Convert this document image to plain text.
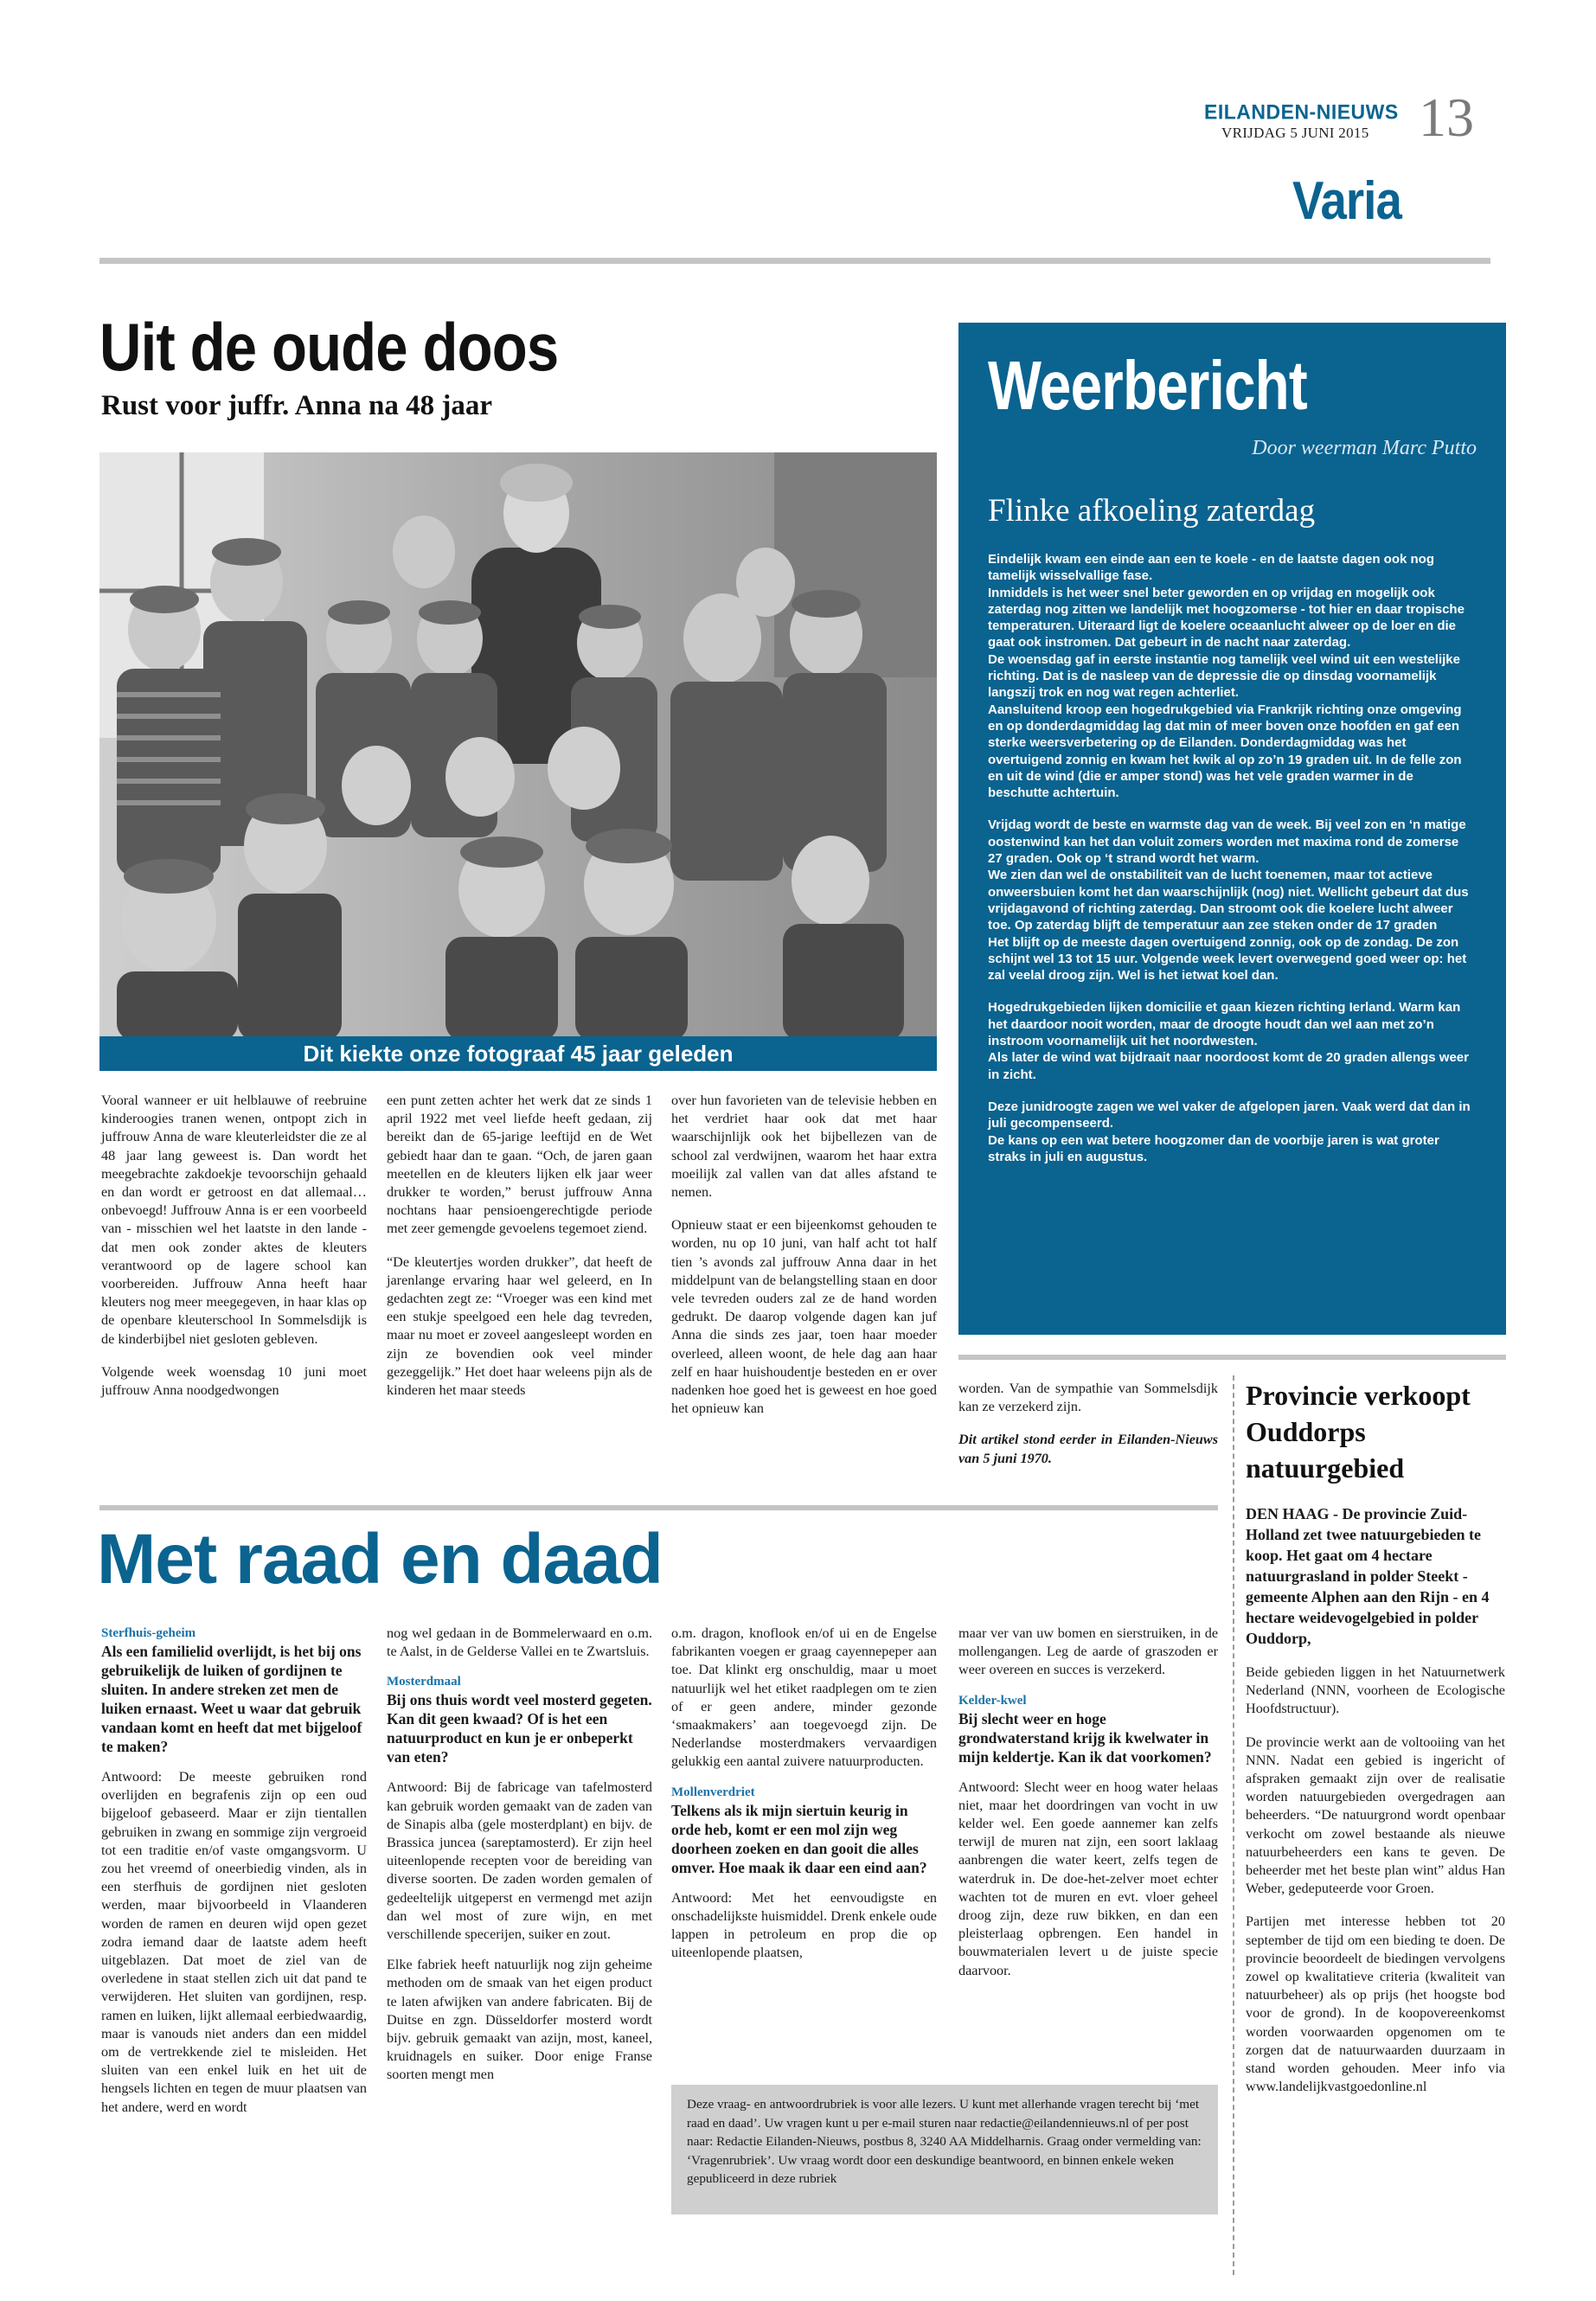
EILANDEN-NIEUWS
VRIJDAG 5 JUNI 2015 13
Varia
Uit de oude doos
Rust voor juffr. Anna na 48 jaar
Dit kiekte onze fotograaf 45 jaar geleden

Vooral wanneer er uit helblauwe of reebruine kinderoogies tranen wenen, ontpopt zich in juffrouw Anna de ware kleuterleidster die ze al 48 jaar lang geweest is. Dan wordt het meegebrachte zakdoekje tevoorschijn gehaald en dan wordt er getroost en dat allemaal… onbevoegd! Juffrouw Anna is er een voorbeeld van - misschien wel het laatste in den lande - dat men ook zonder aktes de kleuters verantwoord op de lagere school kan voorbereiden. Juffrouw Anna heeft haar kleuters nog meer meegegeven, in haar klas op de openbare kleuterschool In Sommelsdijk is de kinderbijbel niet gesloten gebleven.

Volgende week woensdag 10 juni moet juffrouw Anna noodgedwongen

een punt zetten achter het werk dat ze sinds 1 april 1922 met veel liefde heeft gedaan, zij bereikt dan de 65-jarige leeftijd en de Wet gebiedt haar dan te gaan. “Och, de jaren gaan meetellen en de kleuters lijken elk jaar weer drukker te worden,” berust juffrouw Anna nochtans haar pensioengerechtigde periode met zeer gemengde gevoelens tegemoet ziend.

“De kleutertjes worden drukker”, dat heeft de jarenlange ervaring haar wel geleerd, en In gedachten zegt ze: “Vroeger was een kind met een stukje speelgoed een hele dag tevreden, maar nu moet er zoveel aangesleept worden en zijn ze bovendien ook veel minder gezeggelijk.” Het doet haar weleens pijn als de kinderen het maar steeds

over hun favorieten van de televisie hebben en het verdriet haar ook dat met haar waarschijnlijk ook het bijbellezen van de school zal verdwijnen, waarom het haar extra moeilijk zal vallen van dat alles afstand te nemen.

Opnieuw staat er een bijeenkomst gehouden te worden, nu op 10 juni, van half acht tot half tien ’s avonds zal juffrouw Anna daar in het middelpunt van de belangstelling staan en door vele tevreden ouders zal ze de hand worden gedrukt. De daarop volgende dagen kan juf Anna die sinds zes jaar, toen haar moeder overleed, alleen woont, de hele dag aan haar zelf en haar huishoudentje besteden en er over nadenken hoe goed het is geweest en hoe goed het opnieuw kan

Weerbericht
Door weerman Marc Putto
Flinke afkoeling zaterdag

Eindelijk kwam een einde aan een te koele - en de laatste dagen ook nog tamelijk wisselvallige fase.
Inmiddels is het weer snel beter geworden en op vrijdag en mogelijk ook zaterdag nog zitten we landelijk met hoogzomerse - tot hier en daar tropische temperaturen. Uiteraard ligt de koelere oceaanlucht alweer op de loer en die gaat ook instromen. Dat gebeurt in de nacht naar zaterdag.
De woensdag gaf in eerste instantie nog tamelijk veel wind uit een westelijke richting. Dat is de nasleep van de depressie die op dinsdag voornamelijk langszij trok en nog wat regen achterliet.
Aansluitend kroop een hogedrukgebied via Frankrijk richting onze omgeving en op donderdagmiddag lag dat min of meer boven onze hoofden en gaf een sterke weersverbetering op de Eilanden. Donderdagmiddag was het overtuigend zonnig en kwam het kwik al op zo’n 19 graden uit. In de felle zon en uit de wind (die er amper stond) was het vele graden warmer in de beschutte achtertuin.

Vrijdag wordt de beste en warmste dag van de week. Bij veel zon en ‘n matige oostenwind kan het dan voluit zomers worden met maxima rond de zomerse 27 graden. Ook op ‘t strand wordt het warm.
We zien dan wel de onstabiliteit van de lucht toenemen, maar tot actieve onweersbuien komt het dan waarschijnlijk (nog) niet. Wellicht gebeurt dat dus vrijdagavond of richting zaterdag. Dan stroomt ook die koelere lucht alweer toe. Op zaterdag blijft de temperatuur aan zee steken onder de 17 graden
Het blijft op de meeste dagen overtuigend zonnig, ook op de zondag. De zon schijnt wel 13 tot 15 uur. Volgende week levert overwegend goed weer op: het zal veelal droog zijn. Wel is het ietwat koel dan.

Hogedrukgebieden lijken domicilie et gaan kiezen richting Ierland. Warm kan het daardoor nooit worden, maar de droogte houdt dan wel aan met zo’n instroom voornamelijk uit het noordwesten.
Als later de wind wat bijdraait naar noordoost komt de 20 graden allengs weer in zicht.

Deze junidroogte zagen we wel vaker de afgelopen jaren. Vaak werd dat dan in juli gecompenseerd.
De kans op een wat betere hoogzomer dan de voorbije jaren is wat groter straks in juli en augustus.

worden. Van de sympathie van Sommelsdijk kan ze verzekerd zijn.

Dit artikel stond eerder in Eilanden-Nieuws van 5 juni 1970.

Provincie verkoopt Ouddorps natuurgebied

DEN HAAG - De provincie Zuid-Holland zet twee natuurgebieden te koop. Het gaat om 4 hectare natuurgrasland in polder Steekt - gemeente Alphen aan den Rijn - en 4 hectare weidevogelgebied in polder Ouddorp,

Beide gebieden liggen in het Natuurnetwerk Nederland (NNN, voorheen de Ecologische Hoofdstructuur).

De provincie werkt aan de voltooiing van het NNN. Nadat een gebied is ingericht of afspraken gemaakt zijn over de realisatie worden natuurgebieden overgedragen aan beheerders. “De natuurgrond wordt openbaar verkocht om zowel bestaande als nieuwe natuurbeheerders een kans te geven. De beheerder met het beste plan wint” aldus Han Weber, gedeputeerde voor Groen.

Partijen met interesse hebben tot 20 september de tijd om een bieding te doen. De provincie beoordeelt de biedingen vervolgens zowel op kwalitatieve criteria (kwaliteit van natuurbeheer) als op prijs (het hoogste bod voor de grond). In de koopovereenkomst worden voorwaarden opgenomen om te zorgen dat de natuurwaarden duurzaam in stand worden gehouden. Meer info via www.landelijkvastgoedonline.nl

Met raad en daad
Sterfhuis-geheim

Als een familielid overlijdt, is het bij ons gebruikelijk de luiken of gordijnen te sluiten. In andere streken zet men de luiken ernaast. Weet u waar dat gebruik vandaan komt en heeft dat met bijgeloof te maken?

Antwoord: De meeste gebruiken rond overlijden en begrafenis zijn op een oud bijgeloof gebaseerd. Maar er zijn tientallen gebruiken in zwang en sommige zijn vergroeid tot een traditie en/of vaste omgangsvorm. U zou het vreemd of oneerbiedig vinden, als in een sterfhuis de gordijnen niet gesloten werden, maar bijvoorbeeld in Vlaanderen worden de ramen en deuren wijd open gezet zodra iemand daar de laatste adem heeft uitgeblazen. Dat moet de ziel van de overledene in staat stellen zich uit dat pand te verwijderen. Het sluiten van gordijnen, resp. ramen en luiken, lijkt allemaal eerbiedwaardig, maar is vanouds niet anders dan een middel om de vertrekkende ziel te misleiden. Het sluiten van een enkel luik en het uit de hengsels lichten en tegen de muur plaatsen van het andere, werd en wordt

nog wel gedaan in de Bommelerwaard en o.m. te Aalst, in de Gelderse Vallei en te Zwartsluis.

Mosterdmaal

Bij ons thuis wordt veel mosterd gegeten. Kan dit geen kwaad? Of is het een natuurproduct en kun je er onbeperkt van eten?

Antwoord: Bij de fabricage van tafelmosterd kan gebruik worden gemaakt van de zaden van de Sinapis alba (gele mosterdplant) en bijv. de Brassica juncea (sareptamosterd). Er zijn heel uiteenlopende recepten voor de bereiding van diverse soorten. De zaden worden gemalen of gedeeltelijk uitgeperst en vermengd met azijn dan wel most of zure wijn, en met verschillende specerijen, suiker en zout.

Elke fabriek heeft natuurlijk nog zijn geheime methoden om de smaak van het eigen product te laten afwijken van andere fabricaten. Bij de Duitse en zgn. Düsseldorfer mosterd wordt bijv. gebruik gemaakt van azijn, most, kaneel, kruidnagels en suiker. Door enige Franse soorten mengt men

o.m. dragon, knoflook en/of ui en de Engelse fabrikanten voegen er graag cayennepeper aan toe. Dat klinkt erg onschuldig, maar u moet natuurlijk wel het etiket raadplegen om te zien of er geen andere, minder gezonde ‘smaakmakers’ aan toegevoegd zijn. De Nederlandse mosterdmakers vervaardigen gelukkig een aantal zuivere natuurproducten.

Mollenverdriet

Telkens als ik mijn siertuin keurig in orde heb, komt er een mol zijn weg doorheen zoeken en dan gooit die alles omver. Hoe maak ik daar een eind aan?

Antwoord: Met het eenvoudigste en onschadelijkste huismiddel. Drenk enkele oude lappen in petroleum en prop die op uiteenlopende plaatsen,

maar ver van uw bomen en sierstruiken, in de mollengangen. Leg de aarde of graszoden er weer overeen en succes is verzekerd.

Kelder-kwel

Bij slecht weer en hoge grondwaterstand krijg ik kwelwater in mijn keldertje. Kan ik dat voorkomen?

Antwoord: Slecht weer en hoog water helaas niet, maar het doordringen van vocht in uw kelder wel. Een goede aannemer kan zelfs terwijl de muren nat zijn, een soort laklaag aanbrengen die water keert, zelfs tegen de waterdruk in. De doe-het-zelver moet echter wachten tot de muren en evt. vloer geheel droog zijn, deze ruw bikken, en dan een pleisterlaag opbrengen. Een handel in bouwmaterialen levert u de juiste specie daarvoor.

Deze vraag- en antwoordrubriek is voor alle lezers. U kunt met allerhande vragen terecht bij ‘met raad en daad’. Uw vragen kunt u per e-mail sturen naar redactie@eilandennieuws.nl of per post naar: Redactie Eilanden-Nieuws, postbus 8, 3240 AA Middelharnis. Graag onder vermelding van: ‘Vragenrubriek’. Uw vraag wordt door een deskundige beantwoord, en binnen enkele weken gepubliceerd in deze rubriek
